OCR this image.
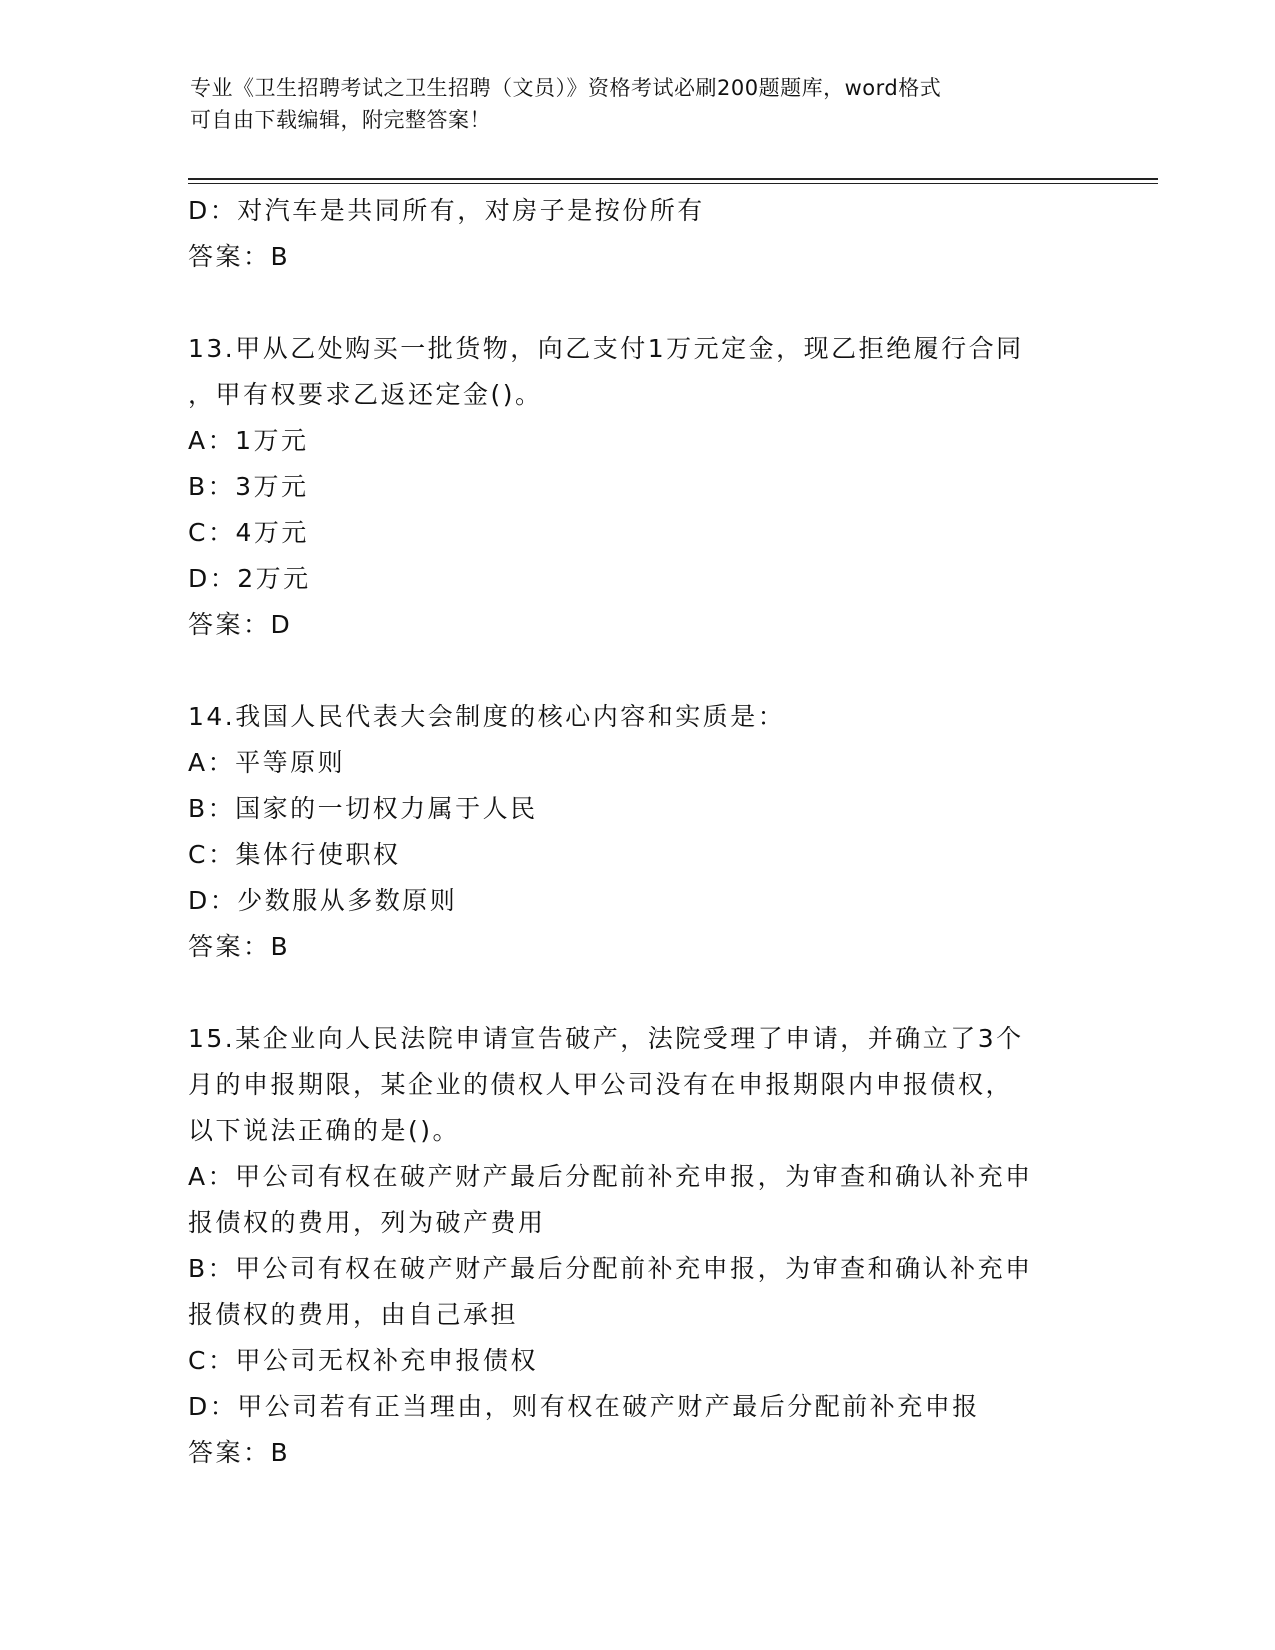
专业《卫生招聘考试之卫生招聘（文员）》资格考试必刷200题题库，word格式
可自由下载编辑，附完整答案！
D：对汽车是共同所有，对房子是按份所有
答案：B
13.甲从乙处购买一批货物，向乙支付1万元定金，现乙拒绝履行合同
，甲有权要求乙返还定金()。
A：1万元
B：3万元
C：4万元
D：2万元
答案：D
14.我国人民代表大会制度的核心内容和实质是：
A：平等原则
B：国家的一切权力属于人民
C：集体行使职权
D：少数服从多数原则
答案：B
15.某企业向人民法院申请宣告破产，法院受理了申请，并确立了3个
月的申报期限，某企业的债权人甲公司没有在申报期限内申报债权，
以下说法正确的是()。
A：甲公司有权在破产财产最后分配前补充申报，为审查和确认补充申
报债权的费用，列为破产费用
B：甲公司有权在破产财产最后分配前补充申报，为审查和确认补充申
报债权的费用，由自己承担
C：甲公司无权补充申报债权
D：甲公司若有正当理由，则有权在破产财产最后分配前补充申报
答案：B
